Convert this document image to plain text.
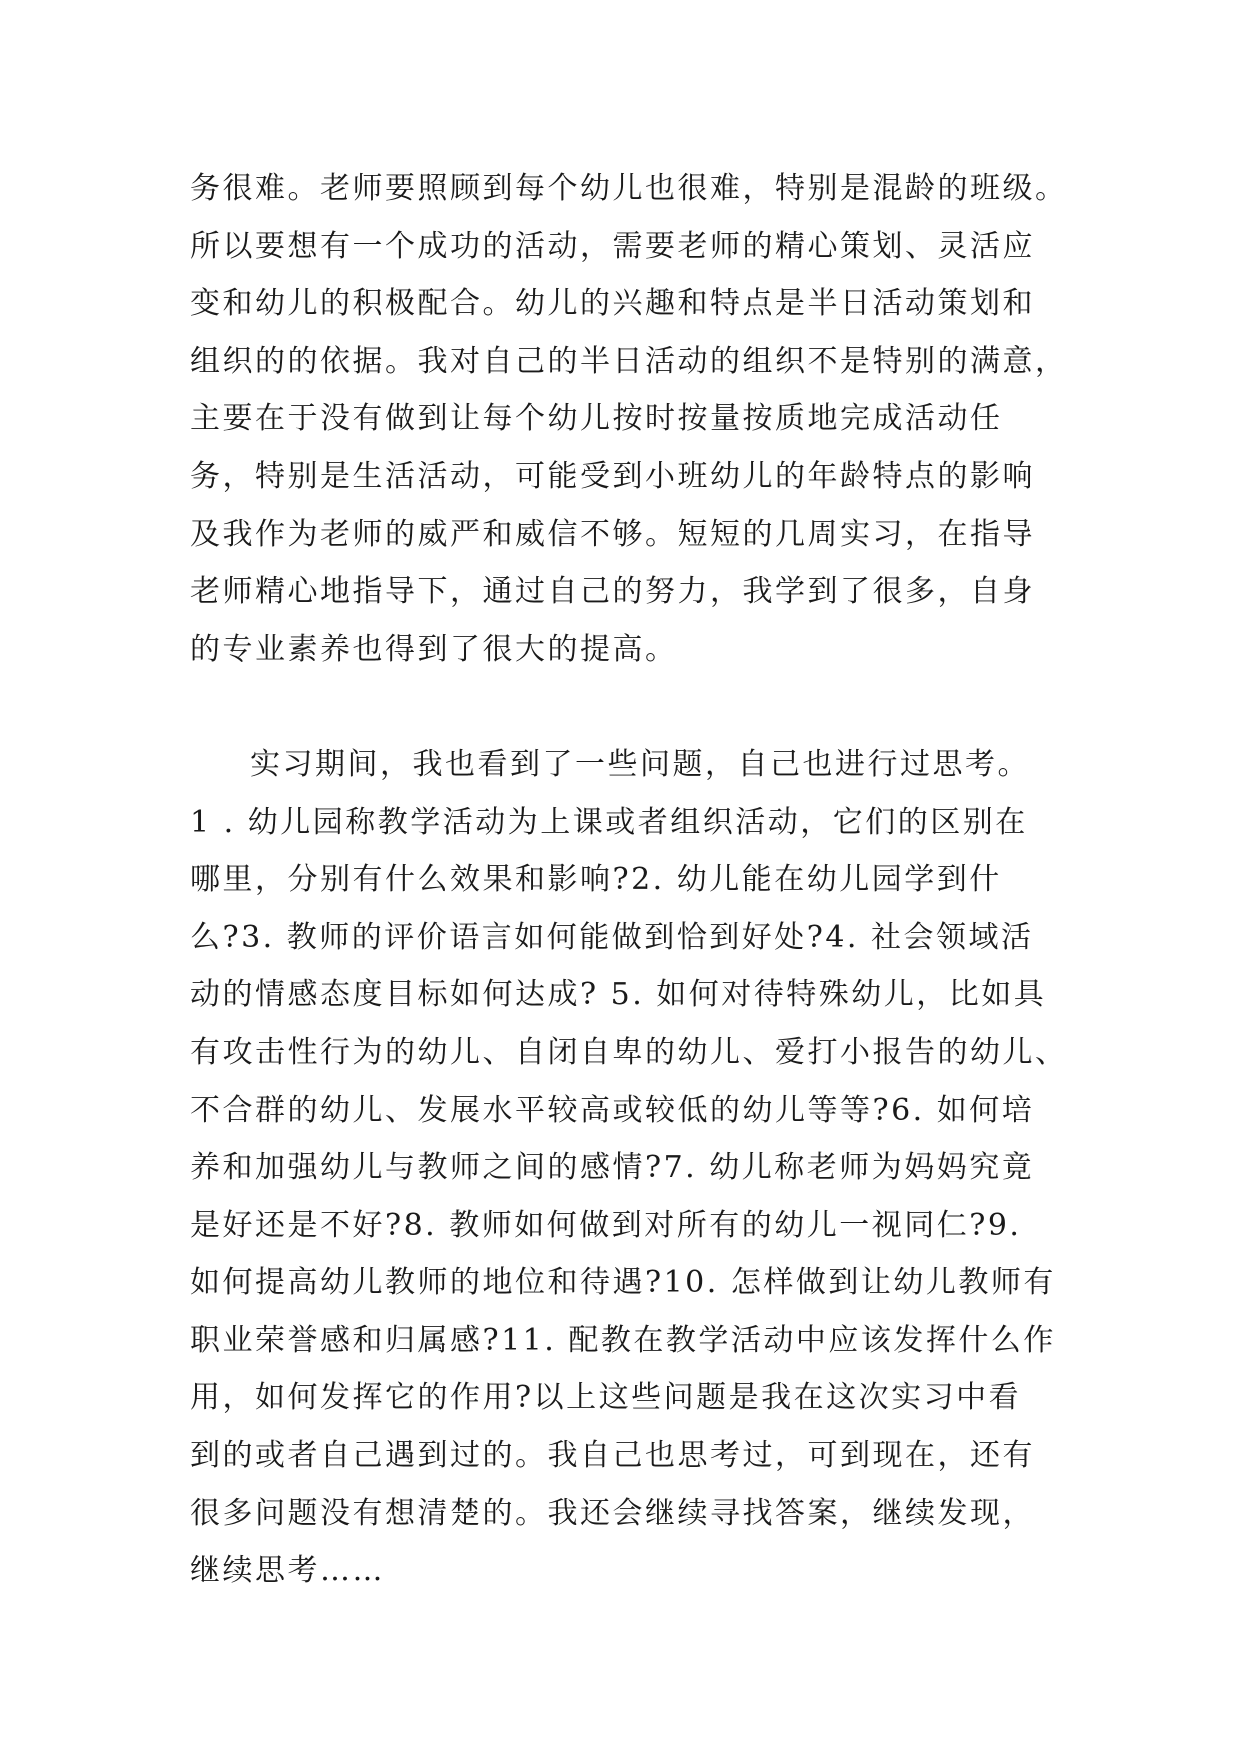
务很难。老师要照顾到每个幼儿也很难，特别是混龄的班级。
所以要想有一个成功的活动，需要老师的精心策划、灵活应
变和幼儿的积极配合。幼儿的兴趣和特点是半日活动策划和
组织的的依据。我对自己的半日活动的组织不是特别的满意，
主要在于没有做到让每个幼儿按时按量按质地完成活动任
务，特别是生活活动，可能受到小班幼儿的年龄特点的影响
及我作为老师的威严和威信不够。短短的几周实习，在指导
老师精心地指导下，通过自己的努力，我学到了很多，自身
的专业素养也得到了很大的提高。
实习期间，我也看到了一些问题，自己也进行过思考。
1 . 幼儿园称教学活动为上课或者组织活动，它们的区别在
哪里，分别有什么效果和影响?2. 幼儿能在幼儿园学到什
么?3. 教师的评价语言如何能做到恰到好处?4. 社会领域活
动的情感态度目标如何达成? 5. 如何对待特殊幼儿，比如具
有攻击性行为的幼儿、自闭自卑的幼儿、爱打小报告的幼儿、
不合群的幼儿、发展水平较高或较低的幼儿等等?6. 如何培
养和加强幼儿与教师之间的感情?7. 幼儿称老师为妈妈究竟
是好还是不好?8. 教师如何做到对所有的幼儿一视同仁?9.
如何提高幼儿教师的地位和待遇?10. 怎样做到让幼儿教师有
职业荣誉感和归属感?11. 配教在教学活动中应该发挥什么作
用，如何发挥它的作用?以上这些问题是我在这次实习中看
到的或者自己遇到过的。我自己也思考过，可到现在，还有
很多问题没有想清楚的。我还会继续寻找答案，继续发现，
继续思考……
